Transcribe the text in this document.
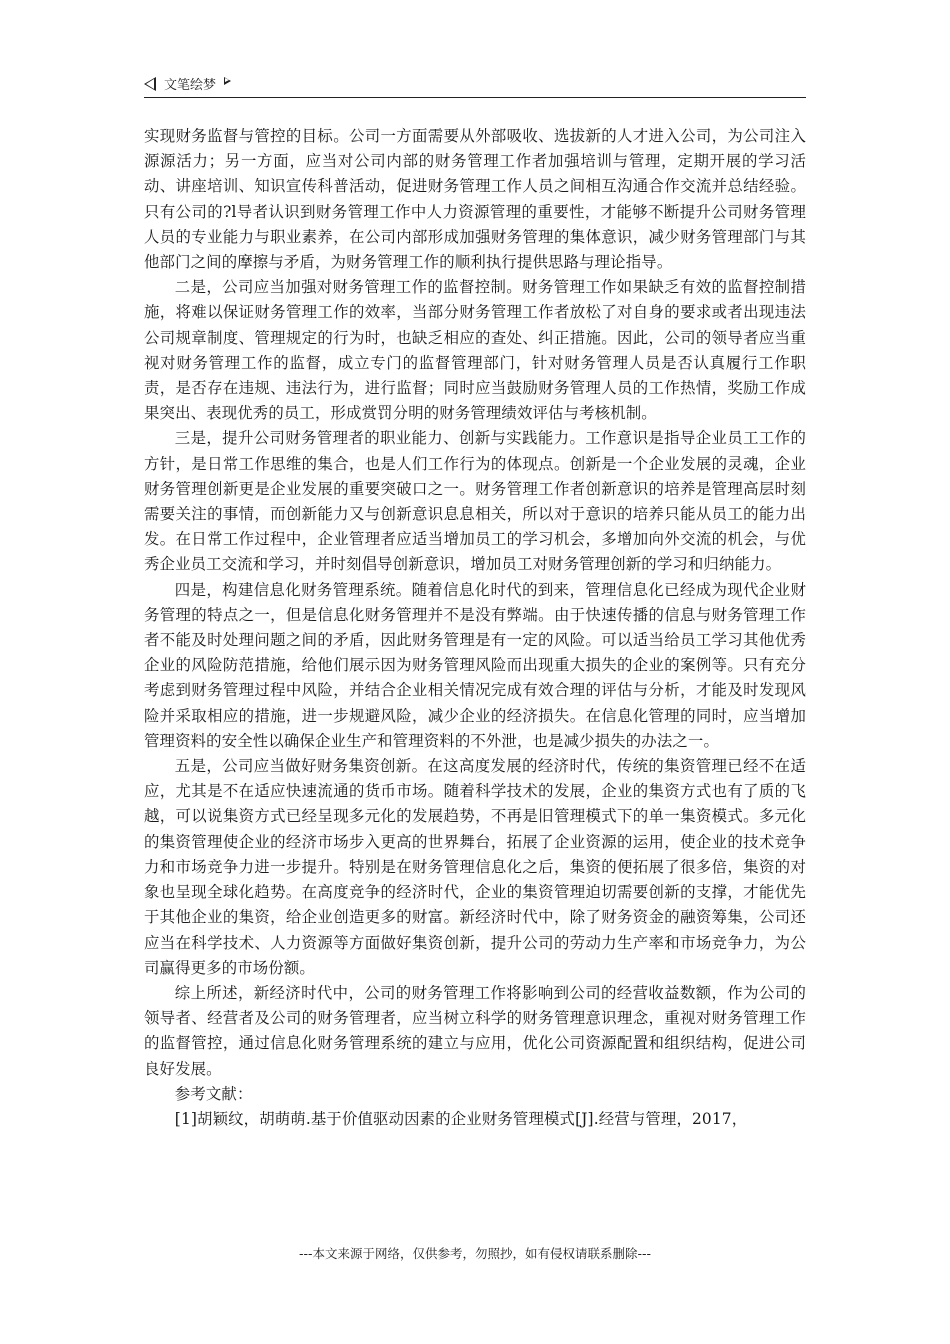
文笔绘梦

实现财务监督与管控的目标。公司一方面需要从外部吸收、选拔新的人才进入公司，为公司注入源源活力；另一方面，应当对公司内部的财务管理工作者加强培训与管理，定期开展的学习活动、讲座培训、知识宣传科普活动，促进财务管理工作人员之间相互沟通合作交流并总结经验。只有公司的?l导者认识到财务管理工作中人力资源管理的重要性，才能够不断提升公司财务管理人员的专业能力与职业素养，在公司内部形成加强财务管理的集体意识，减少财务管理部门与其他部门之间的摩擦与矛盾，为财务管理工作的顺利执行提供思路与理论指导。

二是，公司应当加强对财务管理工作的监督控制。财务管理工作如果缺乏有效的监督控制措施，将难以保证财务管理工作的效率，当部分财务管理工作者放松了对自身的要求或者出现违法公司规章制度、管理规定的行为时，也缺乏相应的查处、纠正措施。因此，公司的领导者应当重视对财务管理工作的监督，成立专门的监督管理部门，针对财务管理人员是否认真履行工作职责，是否存在违规、违法行为，进行监督；同时应当鼓励财务管理人员的工作热情，奖励工作成果突出、表现优秀的员工，形成赏罚分明的财务管理绩效评估与考核机制。

三是，提升公司财务管理者的职业能力、创新与实践能力。工作意识是指导企业员工工作的方针，是日常工作思维的集合，也是人们工作行为的体现点。创新是一个企业发展的灵魂，企业财务管理创新更是企业发展的重要突破口之一。财务管理工作者创新意识的培养是管理高层时刻需要关注的事情，而创新能力又与创新意识息息相关，所以对于意识的培养只能从员工的能力出发。在日常工作过程中，企业管理者应适当增加员工的学习机会，多增加向外交流的机会，与优秀企业员工交流和学习，并时刻倡导创新意识，增加员工对财务管理创新的学习和归纳能力。

四是，构建信息化财务管理系统。随着信息化时代的到来，管理信息化已经成为现代企业财务管理的特点之一，但是信息化财务管理并不是没有弊端。由于快速传播的信息与财务管理工作者不能及时处理问题之间的矛盾，因此财务管理是有一定的风险。可以适当给员工学习其他优秀企业的风险防范措施，给他们展示因为财务管理风险而出现重大损失的企业的案例等。只有充分考虑到财务管理过程中风险，并结合企业相关情况完成有效合理的评估与分析，才能及时发现风险并采取相应的措施，进一步规避风险，减少企业的经济损失。在信息化管理的同时，应当增加管理资料的安全性以确保企业生产和管理资料的不外泄，也是减少损失的办法之一。

五是，公司应当做好财务集资创新。在这高度发展的经济时代，传统的集资管理已经不在适应，尤其是不在适应快速流通的货币市场。随着科学技术的发展，企业的集资方式也有了质的飞越，可以说集资方式已经呈现多元化的发展趋势，不再是旧管理模式下的单一集资模式。多元化的集资管理使企业的经济市场步入更高的世界舞台，拓展了企业资源的运用，使企业的技术竞争力和市场竞争力进一步提升。特别是在财务管理信息化之后，集资的便拓展了很多倍，集资的对象也呈现全球化趋势。在高度竞争的经济时代，企业的集资管理迫切需要创新的支撑，才能优先于其他企业的集资，给企业创造更多的财富。新经济时代中，除了财务资金的融资筹集，公司还应当在科学技术、人力资源等方面做好集资创新，提升公司的劳动力生产率和市场竞争力，为公司赢得更多的市场份额。

综上所述，新经济时代中，公司的财务管理工作将影响到公司的经营收益数额，作为公司的领导者、经营者及公司的财务管理者，应当树立科学的财务管理意识理念，重视对财务管理工作的监督管控，通过信息化财务管理系统的建立与应用，优化公司资源配置和组织结构，促进公司良好发展。

参考文献：

[1]胡颖纹，胡萌萌.基于价值驱动因素的企业财务管理模式[J].经营与管理，2017，

---本文来源于网络，仅供参考，勿照抄，如有侵权请联系删除---
